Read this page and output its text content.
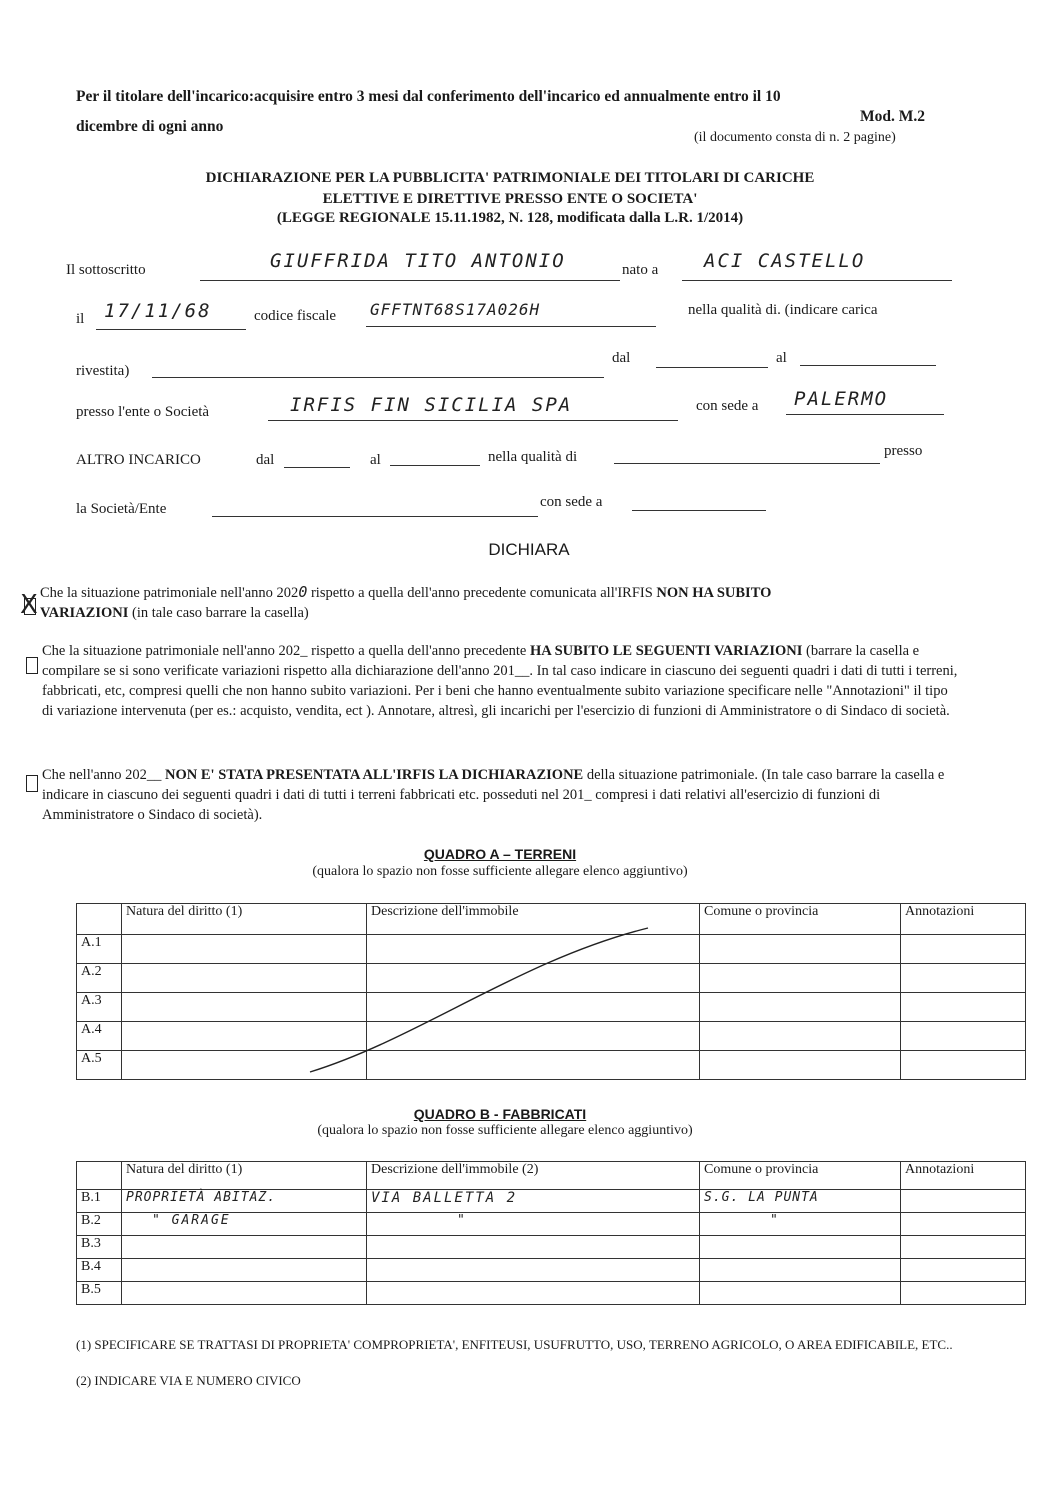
Per il titolare dell'incarico:acquisire entro 3 mesi dal conferimento dell'incarico ed annualmente entro il 10
dicembre di ogni anno
Mod. M.2
(il documento consta di n. 2 pagine)
DICHIARAZIONE PER LA PUBBLICITA' PATRIMONIALE DEI TITOLARI DI CARICHE
ELETTIVE E DIRETTIVE PRESSO ENTE O SOCIETA'
(LEGGE REGIONALE 15.11.1982, N. 128, modificata dalla L.R. 1/2014)
Il sottoscritto	GIUFFRIDA TITO ANTONIO	nato a ACI CASTELLO
il 17/11/68	codice fiscale GFFTNT68S17A026H	nella qualità di. (indicare carica
rivestita)
dal	al
presso l'ente o Società	IRFIS FIN SICILIA SPA	con sede a PALERMO
ALTRO INCARICO	dal	al	nella qualità di	presso
la Società/Ente	con sede a
DICHIARA
X Che la situazione patrimoniale nell'anno 2020 rispetto a quella dell'anno precedente comunicata all'IRFIS NON HA SUBITO
VARIAZIONI (in tale caso barrare la casella)
Che la situazione patrimoniale nell'anno 202_ rispetto a quella dell'anno precedente HA SUBITO LE SEGUENTI VARIAZIONI (barrare la casella e compilare se si sono verificate variazioni rispetto alla dichiarazione dell'anno 201__. In tal caso indicare in ciascuno dei seguenti quadri i dati di tutti i terreni, fabbricati, etc, compresi quelli che non hanno subito variazioni. Per i beni che hanno eventualmente subito variazione specificare nelle "Annotazioni" il tipo di variazione intervenuta (per es.: acquisto, vendita, ect ). Annotare, altresì, gli incarichi per l'esercizio di funzioni di Amministratore o di Sindaco di società.
Che nell'anno 202__ NON E' STATA PRESENTATA ALL'IRFIS LA DICHIARAZIONE della situazione patrimoniale. (In tale caso barrare la casella e indicare in ciascuno dei seguenti quadri i dati di tutti i terreni fabbricati etc. posseduti nel 201_ compresi i dati relativi all'esercizio di funzioni di Amministratore o Sindaco di società).
QUADRO A – TERRENI
(qualora lo spazio non fosse sufficiente allegare elenco aggiuntivo)
	Natura del diritto (1)	Descrizione dell'immobile	Comune o provincia	Annotazioni
A.1				
A.2				
A.3				
A.4				
A.5				
QUADRO B - FABBRICATI
(qualora lo spazio non fosse sufficiente allegare elenco aggiuntivo)
	Natura del diritto (1)	Descrizione dell'immobile (2)	Comune o provincia	Annotazioni
B.1	PROPRIETÀ ABITAZ.	VIA BALLETTA 2	S.G. LA PUNTA	
B.2	" GARAGE	"	"	
B.3				
B.4				
B.5				
(1) SPECIFICARE SE TRATTASI DI PROPRIETA' COMPROPRIETA', ENFITEUSI, USUFRUTTO, USO, TERRENO AGRICOLO, O AREA EDIFICABILE, ETC..
(2) INDICARE VIA E NUMERO CIVICO
